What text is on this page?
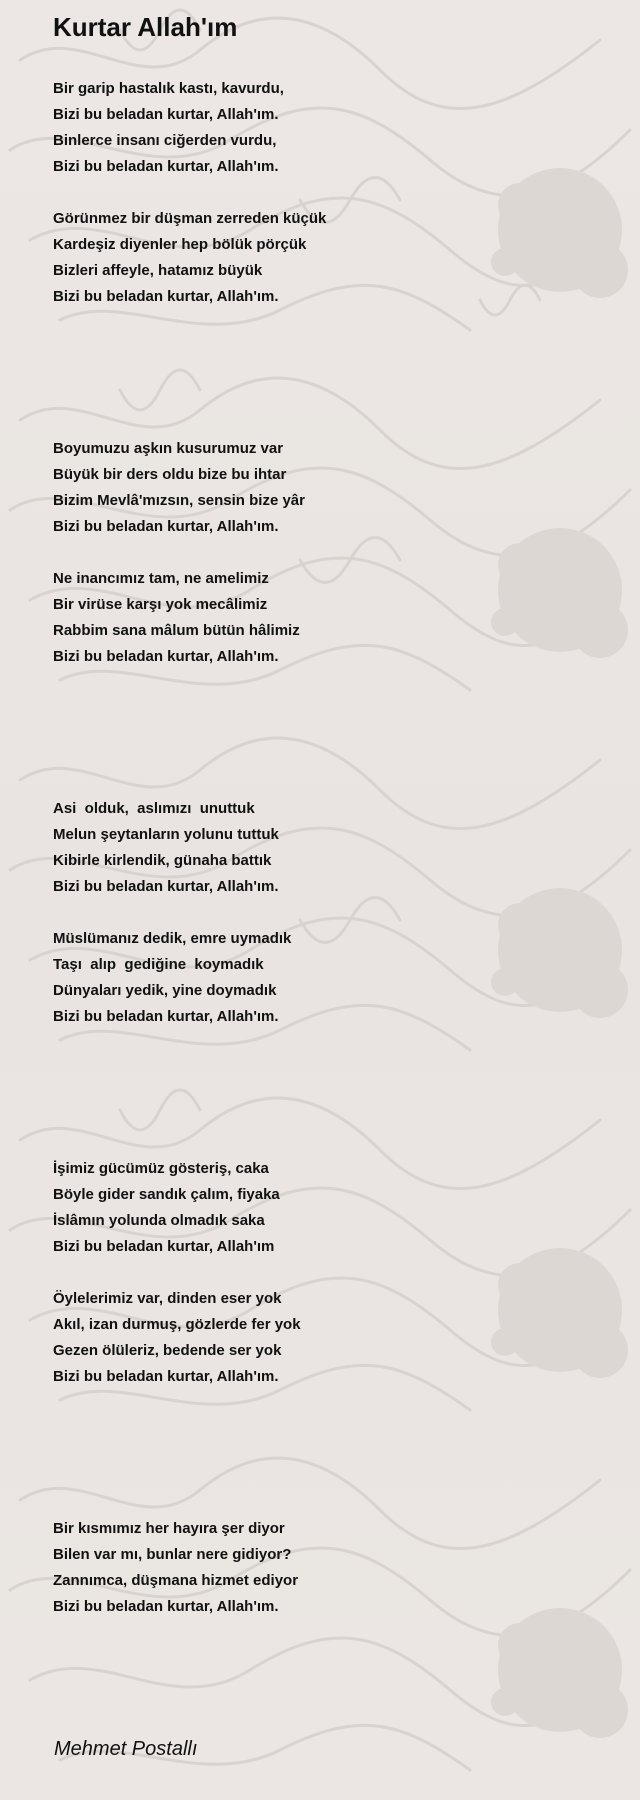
Kurtar Allah'ım
Bir garip hastalık kastı, kavurdu,
Bizi bu beladan kurtar, Allah'ım.
Binlerce insanı ciğerden vurdu,
Bizi bu beladan kurtar, Allah'ım.
Görünmez bir düşman zerreden küçük
Kardeşiz diyenler hep bölük pörçük
Bizleri affeyle, hatamız büyük
Bizi bu beladan kurtar, Allah'ım.
Boyumuzu aşkın kusurumuz var
Büyük bir ders oldu bize bu ihtar
Bizim Mevlâ'mızsın, sensin bize yâr
Bizi bu beladan kurtar, Allah'ım.
Ne inancımız tam, ne amelimiz
Bir virüse karşı yok mecâlimiz
Rabbim sana mâlum bütün hâlimiz
Bizi bu beladan kurtar, Allah'ım.
Asi  olduk,  aslımızı  unuttuk
Melun şeytanların yolunu tuttuk
Kibirle kirlendik, günaha battık
Bizi bu beladan kurtar, Allah'ım.
Müslümanız dedik, emre uymadık
Taşı  alıp  gediğine  koymadık
Dünyaları yedik, yine doymadık
Bizi bu beladan kurtar, Allah'ım.
İşimiz gücümüz gösteriş, caka
Böyle gider sandık çalım, fiyaka
İslâmın yolunda olmadık saka
Bizi bu beladan kurtar, Allah'ım
Öylelerimiz var, dinden eser yok
Akıl, izan durmuş, gözlerde fer yok
Gezen ölüleriz, bedende ser yok
Bizi bu beladan kurtar, Allah'ım.
Bir kısmımız her hayıra şer diyor
Bilen var mı, bunlar nere gidiyor?
Zannımca, düşmana hizmet ediyor
Bizi bu beladan kurtar, Allah'ım.
Mehmet Postallı
